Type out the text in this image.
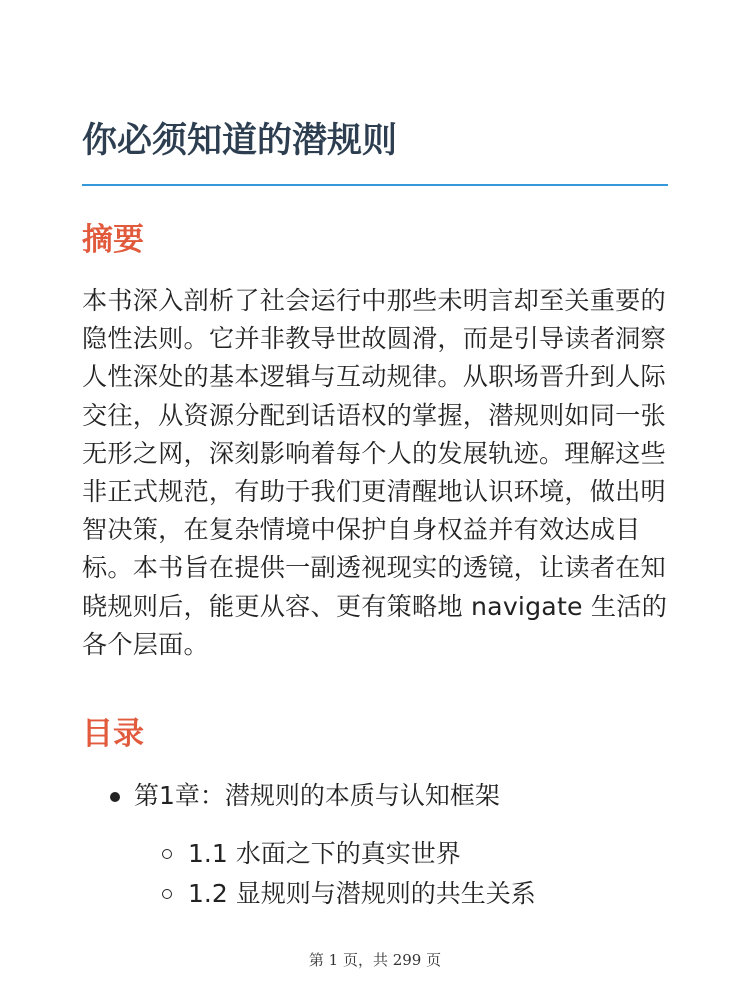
你必须知道的潜规则
摘要

本书深入剖析了社会运行中那些未明言却至关重要的隐性法则。它并非教导世故圆滑，而是引导读者洞察人性深处的基本逻辑与互动规律。从职场晋升到人际交往，从资源分配到话语权的掌握，潜规则如同一张无形之网，深刻影响着每个人的发展轨迹。理解这些非正式规范，有助于我们更清醒地认识环境，做出明智决策，在复杂情境中保护自身权益并有效达成目标。本书旨在提供一副透视现实的透镜，让读者在知晓规则后，能更从容、更有策略地 navigate 生活的各个层面。

目录
第1章：潜规则的本质与认知框架
1.1 水面之下的真实世界
1.2 显规则与潜规则的共生关系
第 1 页，共 299 页
